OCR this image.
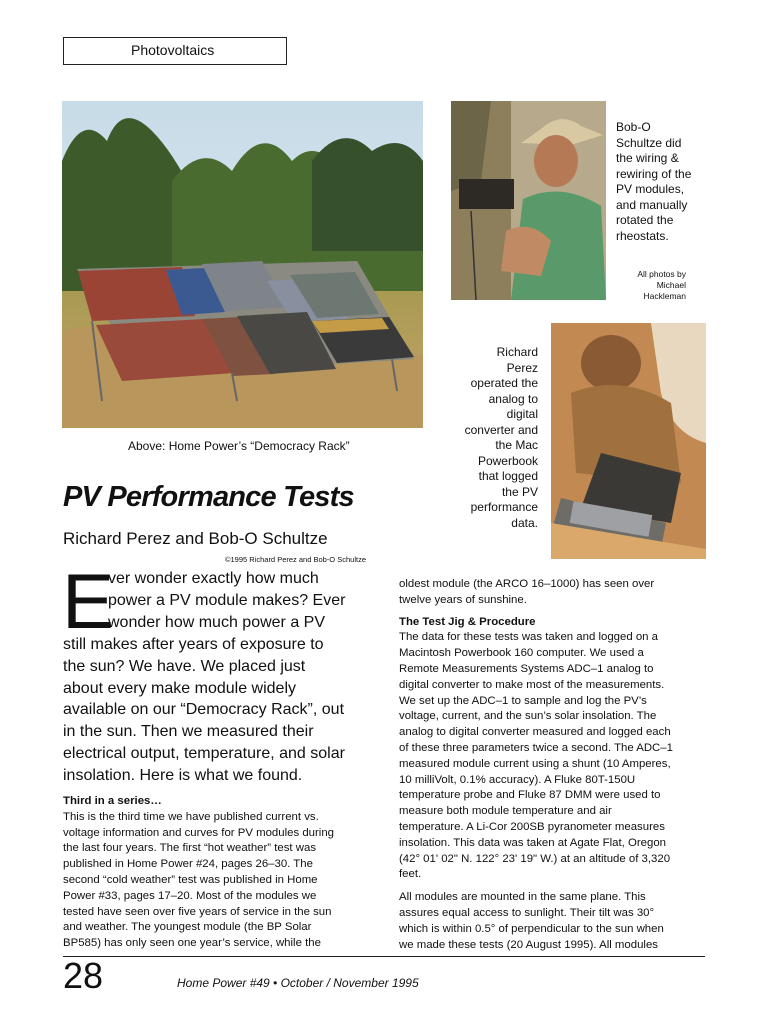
Photovoltaics
Above: Home Power’s “Democracy Rack”
Bob-O
Schultze did
the wiring &
rewiring of the
PV modules,
and manually
rotated the
rheostats.
All photos by
Michael
Hackleman
Richard
Perez
operated the
analog to
digital
converter and
the Mac
Powerbook
that logged
the PV
performance
data.
PV Performance Tests
Richard Perez and Bob-O Schultze
©1995 Richard Perez and Bob-O Schultze
E
ver wonder exactly how much
power a PV module makes? Ever
wonder how much power a PV
still makes after years of exposure to
the sun? We have. We placed just
about every make module widely
available on our “Democracy Rack”, out
in the sun. Then we measured their
electrical output, temperature, and solar
insolation. Here is what we found.
Third in a series…
This is the third time we have published current vs.
voltage information and curves for PV modules during
the last four years. The first “hot weather” test was
published in Home Power #24, pages 26–30. The
second “cold weather” test was published in Home
Power #33, pages 17–20. Most of the modules we
tested have seen over five years of service in the sun
and weather. The youngest module (the BP Solar
BP585) has only seen one year’s service, while the
oldest module (the ARCO 16–1000) has seen over
twelve years of sunshine.
The Test Jig & Procedure
The data for these tests was taken and logged on a
Macintosh Powerbook 160 computer. We used a
Remote Measurements Systems ADC–1 analog to
digital converter to make most of the measurements.
We set up the ADC–1 to sample and log the PV’s
voltage, current, and the sun’s solar insolation. The
analog to digital converter measured and logged each
of these three parameters twice a second. The ADC–1
measured module current using a shunt (10 Amperes,
10 milliVolt, 0.1% accuracy). A Fluke 80T-150U
temperature probe and Fluke 87 DMM were used to
measure both module temperature and air
temperature. A Li-Cor 200SB pyranometer measures
insolation. This data was taken at Agate Flat, Oregon
(42° 01' 02" N. 122° 23' 19" W.) at an altitude of 3,320
feet.
All modules are mounted in the same plane. This
assures equal access to sunlight. Their tilt was 30°
which is within 0.5° of perpendicular to the sun when
we made these tests (20 August 1995). All modules
28	Home Power #49 • October / November 1995
